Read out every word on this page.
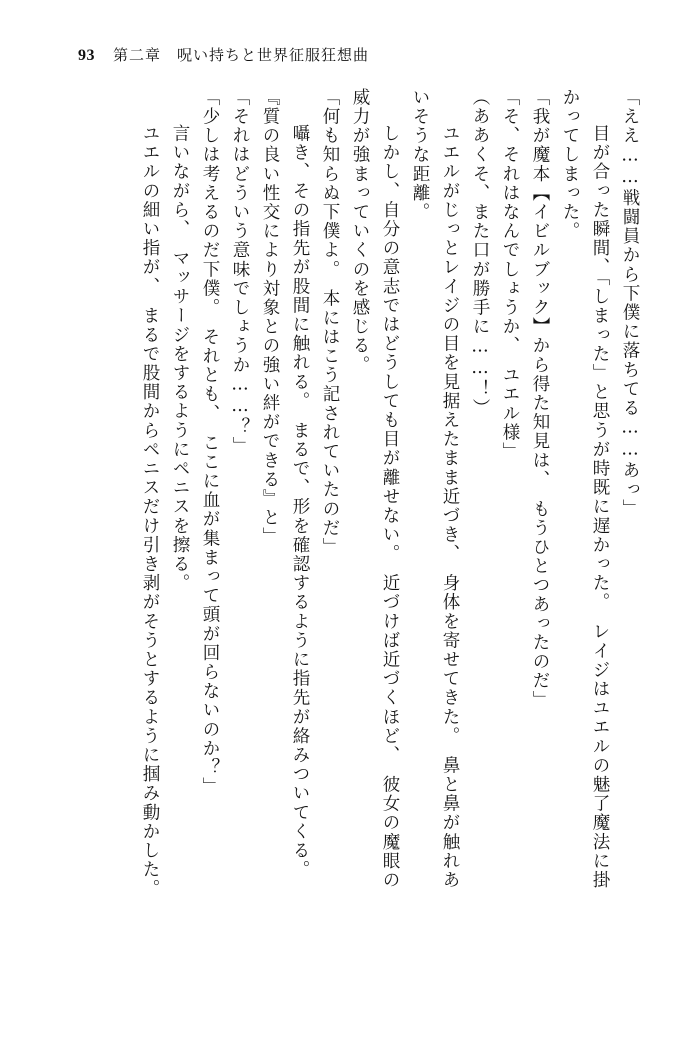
93 第二章　呪い持ちと世界征服狂想曲
「ええ……戦闘員から下僕に落ちてる……あっ」
　目が合った瞬間、「しまった」と思うが時既に遅かった。　レイジはユエルの魅了魔法に掛
かってしまった。
「我が魔本【イビルブック】から得た知見は、　もうひとつあったのだ」
「そ、それはなんでしょうか、　ユエル様」
（ああくそ、また口が勝手に……！）
　ユエルがじっとレイジの目を見据えたまま近づき、　身体を寄せてきた。　鼻と鼻が触れあ
いそうな距離。
　しかし、自分の意志ではどうしても目が離せない。　近づけば近づくほど、　彼女の魔眼の
威力が強まっていくのを感じる。
「何も知らぬ下僕よ。　本にはこう記されていたのだ」
　囁き、その指先が股間に触れる。　まるで、形を確認するように指先が絡みついてくる。
『質の良い性交により対象との強い絆ができる』と」
「それはどういう意味でしょうか……？」
「少しは考えるのだ下僕。　それとも、　ここに血が集まって頭が回らないのか？」
　言いながら、　マッサージをするようにペニスを擦る。
　ユエルの細い指が、　まるで股間からペニスだけ引き剥がそうとするように掴み動かした。
